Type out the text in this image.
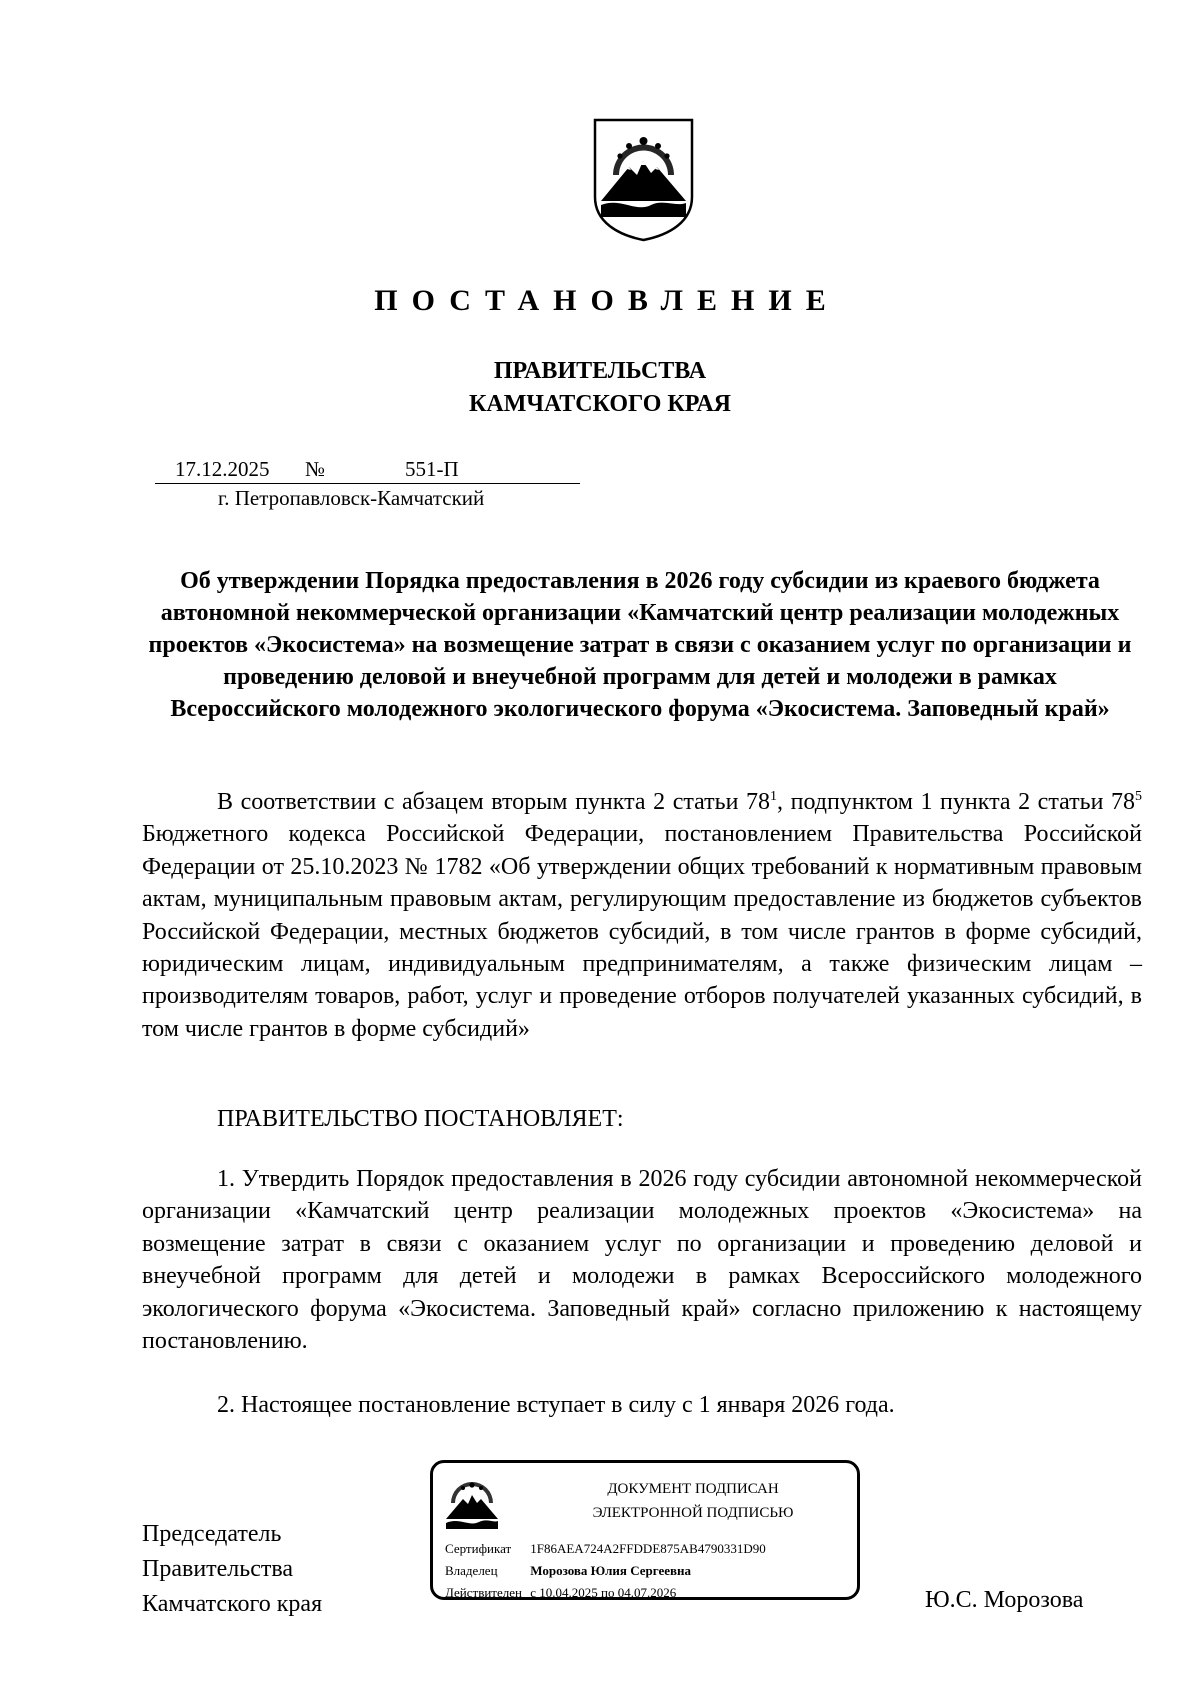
ПОСТАНОВЛЕНИЕ
ПРАВИТЕЛЬСТВА
КАМЧАТСКОГО КРАЯ
17.12.2025 №	551-П
г. Петропавловск-Камчатский

Об утверждении Порядка предоставления в 2026 году субсидии из краевого бюджета автономной некоммерческой организации «Камчатский центр реализации молодежных проектов «Экосистема» на возмещение затрат в связи с оказанием услуг по организации и проведению деловой и внеучебной программ для детей и молодежи в рамках Всероссийского молодежного экологического форума «Экосистема. Заповедный край»

В соответствии с абзацем вторым пункта 2 статьи $78^1$, подпунктом 1 пункта 2 статьи $78^5$ Бюджетного кодекса Российской Федерации, постановлением Правительства Российской Федерации от 25.10.2023 № 1782 «Об утверждении общих требований к нормативным правовым актам, муниципальным правовым актам, регулирующим предоставление из бюджетов субъектов Российской Федерации, местных бюджетов субсидий, в том числе грантов в форме субсидий, юридическим лицам, индивидуальным предпринимателям, а также физическим лицам – производителям товаров, работ, услуг и проведение отборов получателей указанных субсидий, в том числе грантов в форме субсидий»

ПРАВИТЕЛЬСТВО ПОСТАНОВЛЯЕТ:

1. Утвердить Порядок предоставления в 2026 году субсидии автономной некоммерческой организации «Камчатский центр реализации молодежных проектов «Экосистема» на возмещение затрат в связи с оказанием услуг по организации и проведению деловой и внеучебной программ для детей и молодежи в рамках Всероссийского молодежного экологического форума «Экосистема. Заповедный край» согласно приложению к настоящему постановлению.

2. Настоящее постановление вступает в силу с 1 января 2026 года.

Председатель
Правительства
Камчатского края	Ю.С. Морозова
ДОКУМЕНТ ПОДПИСАН
ЭЛЕКТРОННОЙ ПОДПИСЬЮ
Сертификат 1F86AEA724A2FFDDE875AB4790331D90
Владелец	Морозова Юлия Сергеевна
Действителен с 10.04.2025 по 04.07.2026
